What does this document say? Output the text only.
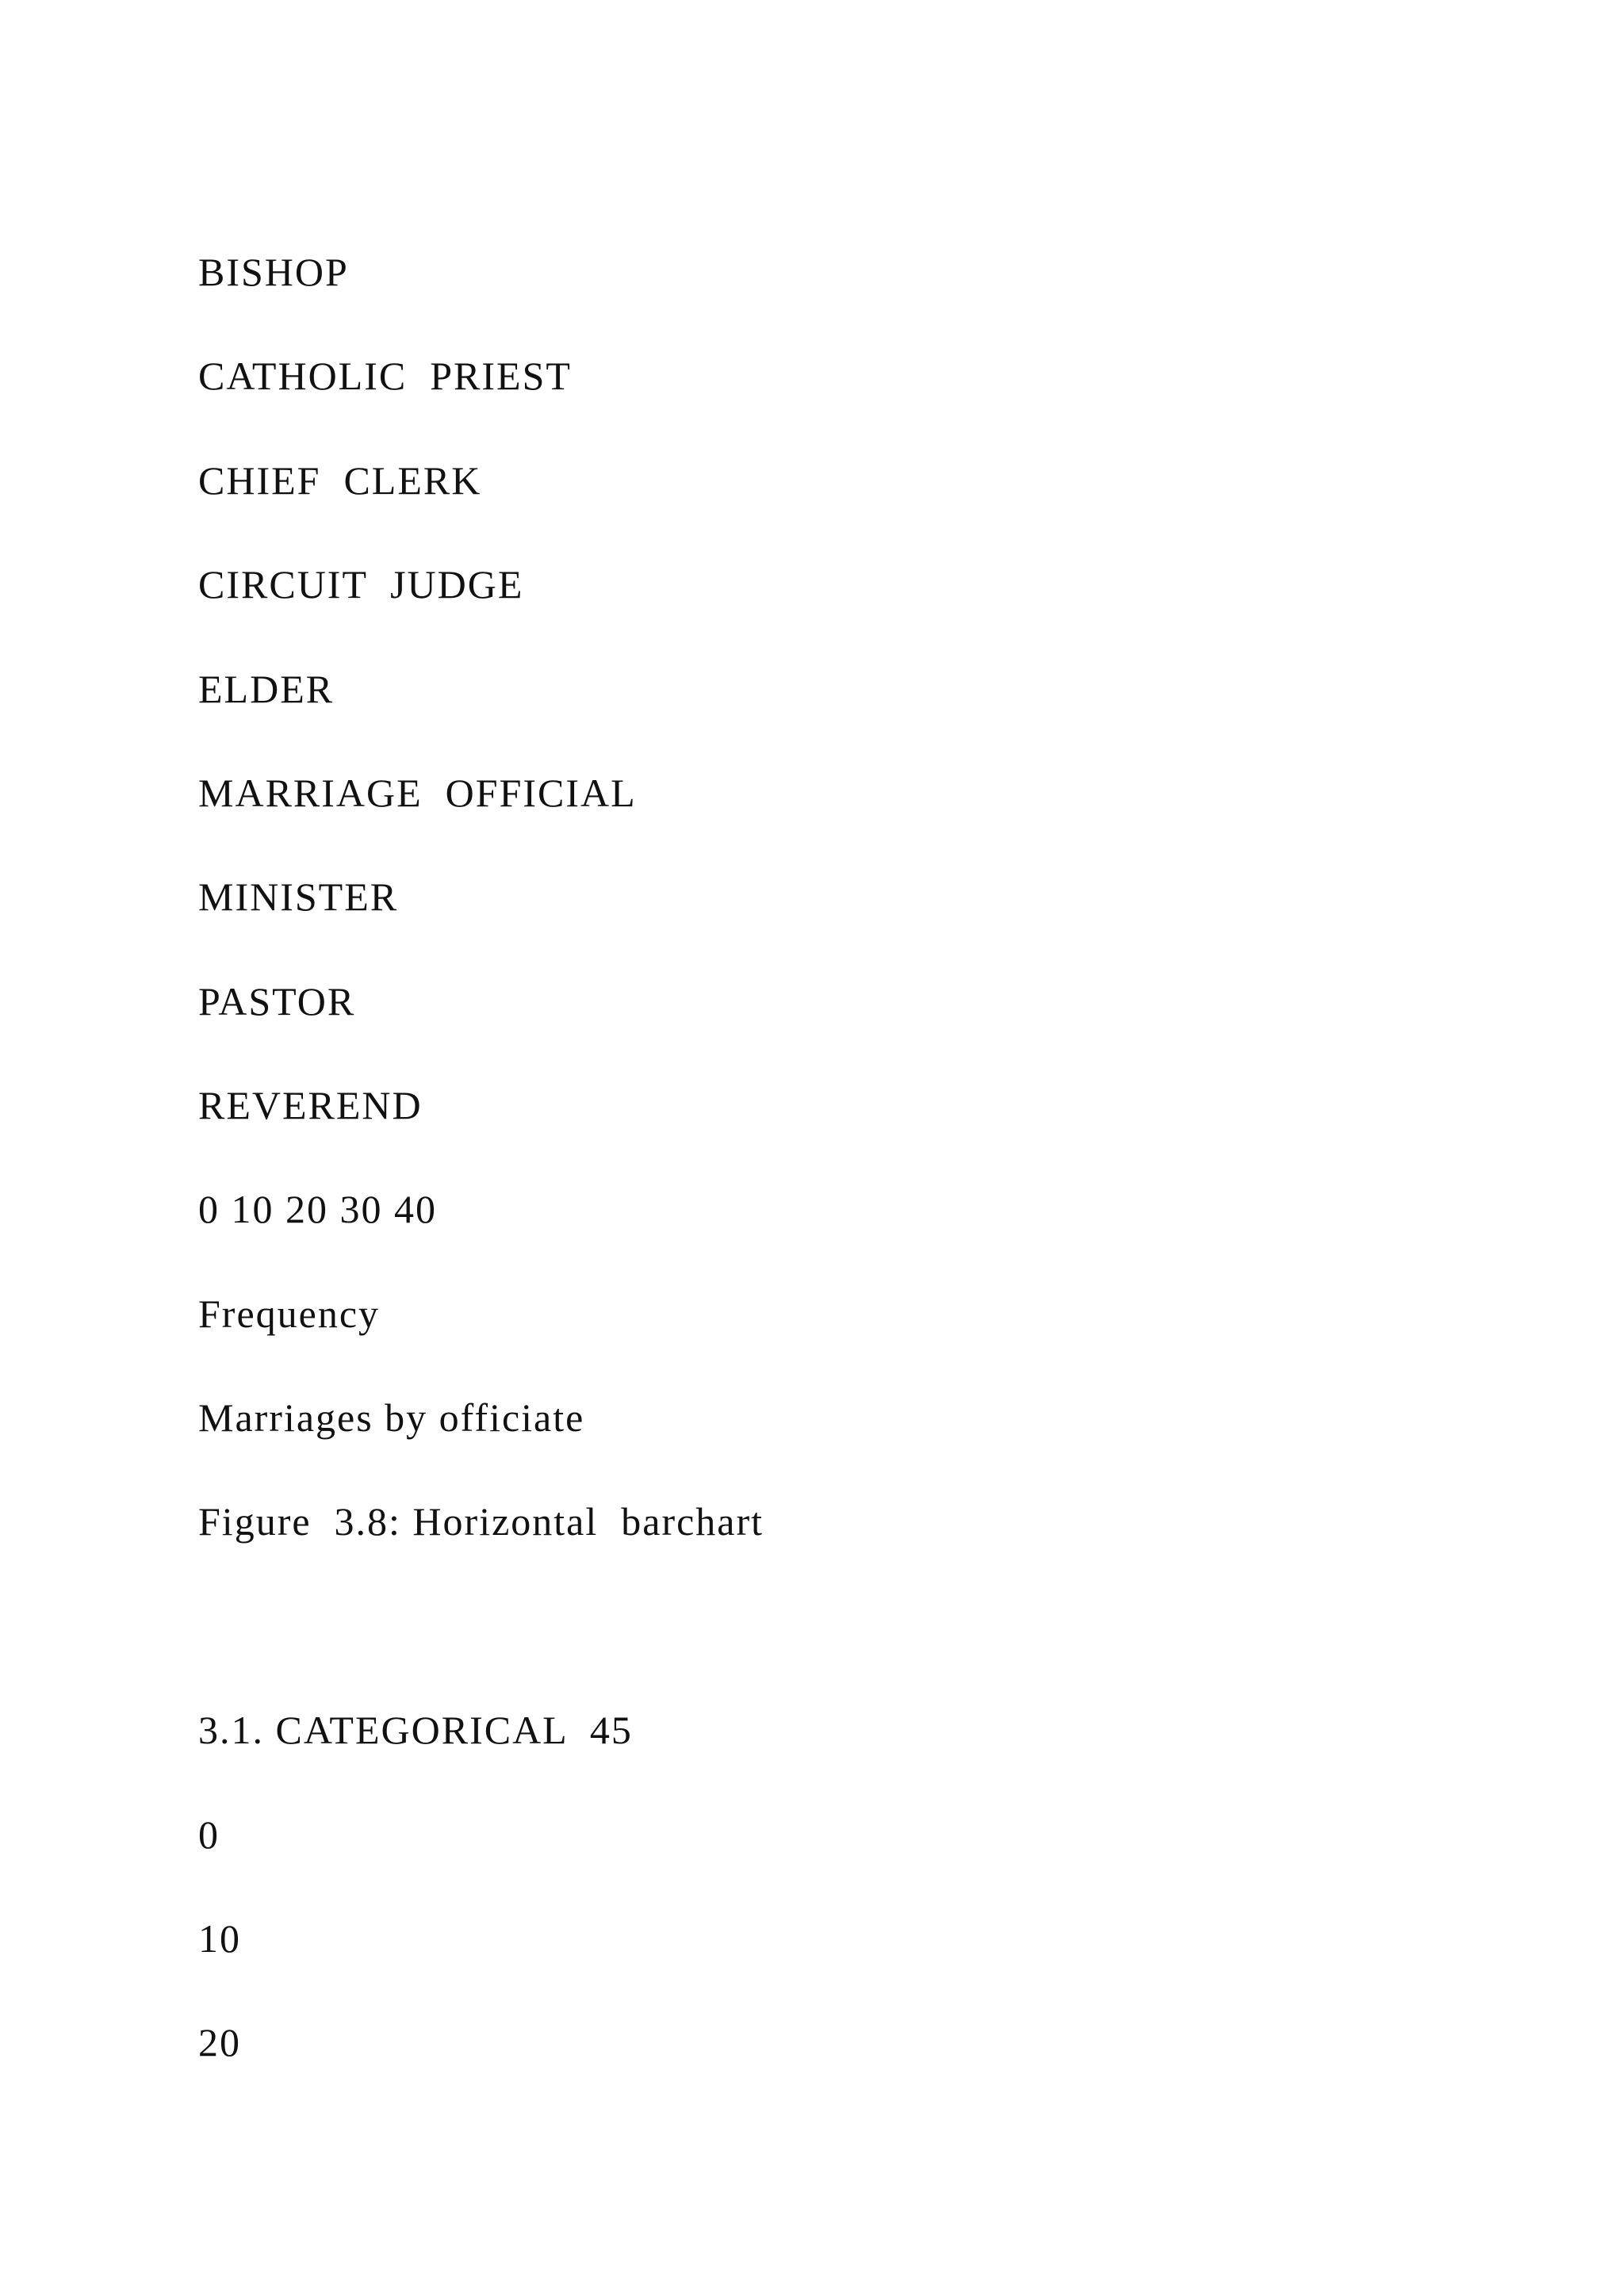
BISHOP
CATHOLIC  PRIEST
CHIEF  CLERK
CIRCUIT  JUDGE
ELDER
MARRIAGE  OFFICIAL
MINISTER
PASTOR
REVEREND
0 10 20 30 40
Frequency
Marriages by officiate
Figure  3.8: Horizontal  barchart
3.1. CATEGORICAL  45
0
10
20
